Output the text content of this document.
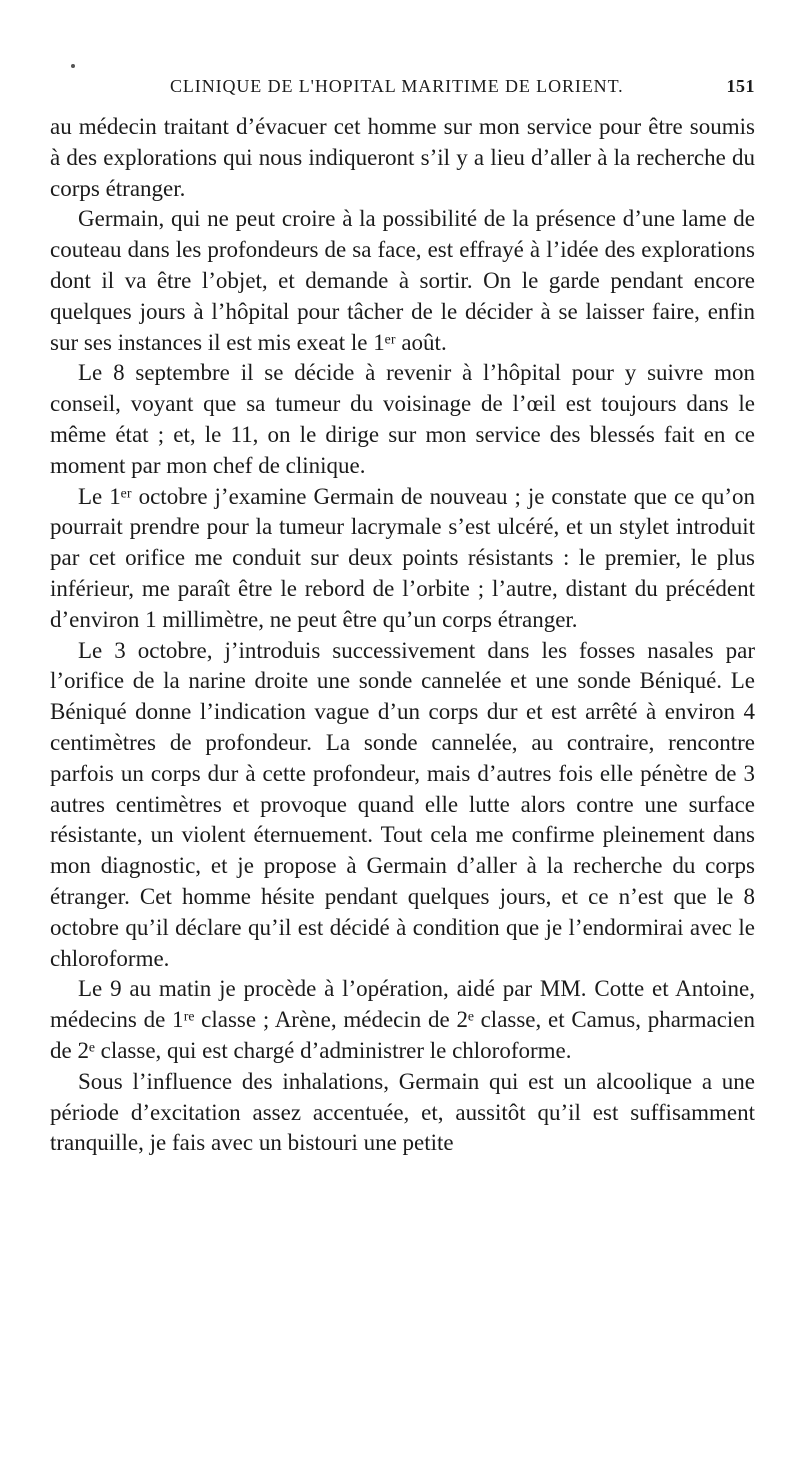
CLINIQUE DE L'HOPITAL MARITIME DE LORIENT.	151

au médecin traitant d’évacuer cet homme sur mon service pour être soumis à des explorations qui nous indiqueront s’il y a lieu d’aller à la recherche du corps étranger.

Germain, qui ne peut croire à la possibilité de la présence d’une lame de couteau dans les profondeurs de sa face, est effrayé à l’idée des explorations dont il va être l’objet, et demande à sortir. On le garde pendant encore quelques jours à l’hôpital pour tâcher de le décider à se laisser faire, enfin sur ses instances il est mis exeat le 1ᵉʳ août.

Le 8 septembre il se décide à revenir à l’hôpital pour y suivre mon conseil, voyant que sa tumeur du voisinage de l’œil est toujours dans le même état ; et, le 11, on le dirige sur mon service des blessés fait en ce moment par mon chef de clinique.

Le 1ᵉʳ octobre j’examine Germain de nouveau ; je constate que ce qu’on pourrait prendre pour la tumeur lacrymale s’est ulcéré, et un stylet introduit par cet orifice me conduit sur deux points résistants : le premier, le plus inférieur, me paraît être le rebord de l’orbite ; l’autre, distant du précédent d’environ 1 millimètre, ne peut être qu’un corps étranger.

Le 3 octobre, j’introduis successivement dans les fosses nasales par l’orifice de la narine droite une sonde cannelée et une sonde Béniqué. Le Béniqué donne l’indication vague d’un corps dur et est arrêté à environ 4 centimètres de profondeur. La sonde cannelée, au contraire, rencontre parfois un corps dur à cette profondeur, mais d’autres fois elle pénètre de 3 autres centimètres et provoque quand elle lutte alors contre une surface résistante, un violent éternuement. Tout cela me confirme pleinement dans mon diagnostic, et je propose à Germain d’aller à la recherche du corps étranger. Cet homme hésite pendant quelques jours, et ce n’est que le 8 octobre qu’il déclare qu’il est décidé à condition que je l’endormirai avec le chloroforme.

Le 9 au matin je procède à l’opération, aidé par MM. Cotte et Antoine, médecins de 1ʳᵉ classe ; Arène, médecin de 2ᵉ classe, et Camus, pharmacien de 2ᵉ classe, qui est chargé d’administrer le chloroforme.

Sous l’influence des inhalations, Germain qui est un alcoolique a une période d’excitation assez accentuée, et, aussitôt qu’il est suffisamment tranquille, je fais avec un bistouri une petite
